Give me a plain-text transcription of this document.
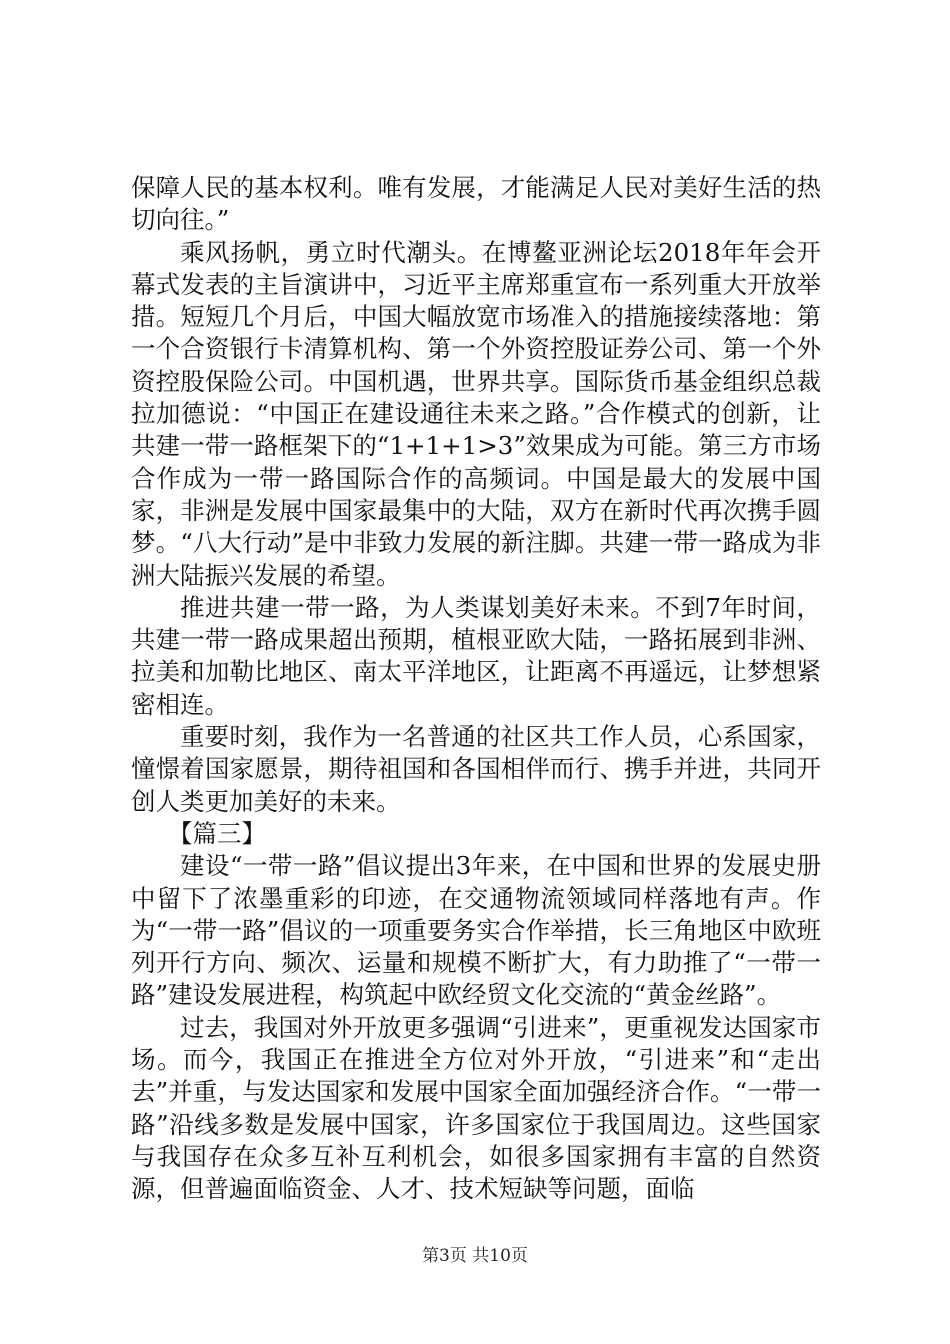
保障人民的基本权利。唯有发展，才能满足人民对美好生活的热切向往。”

乘风扬帆，勇立时代潮头。在博鳌亚洲论坛2018年年会开幕式发表的主旨演讲中，习近平主席郑重宣布一系列重大开放举措。短短几个月后，中国大幅放宽市场准入的措施接续落地：第一个合资银行卡清算机构、第一个外资控股证券公司、第一个外资控股保险公司。中国机遇，世界共享。国际货币基金组织总裁拉加德说：“中国正在建设通往未来之路。”合作模式的创新，让共建一带一路框架下的“1+1+1>3”效果成为可能。第三方市场合作成为一带一路国际合作的高频词。中国是最大的发展中国家，非洲是发展中国家最集中的大陆，双方在新时代再次携手圆梦。“八大行动”是中非致力发展的新注脚。共建一带一路成为非洲大陆振兴发展的希望。

推进共建一带一路，为人类谋划美好未来。不到7年时间，共建一带一路成果超出预期，植根亚欧大陆，一路拓展到非洲、拉美和加勒比地区、南太平洋地区，让距离不再遥远，让梦想紧密相连。

重要时刻，我作为一名普通的社区共工作人员，心系国家，憧憬着国家愿景，期待祖国和各国相伴而行、携手并进，共同开创人类更加美好的未来。

【篇三】

建设“一带一路”倡议提出3年来，在中国和世界的发展史册中留下了浓墨重彩的印迹，在交通物流领域同样落地有声。作为“一带一路”倡议的一项重要务实合作举措，长三角地区中欧班列开行方向、频次、运量和规模不断扩大，有力助推了“一带一路”建设发展进程，构筑起中欧经贸文化交流的“黄金丝路”。

过去，我国对外开放更多强调“引进来”，更重视发达国家市场。而今，我国正在推进全方位对外开放，“引进来”和“走出去”并重，与发达国家和发展中国家全面加强经济合作。“一带一路”沿线多数是发展中国家，许多国家位于我国周边。这些国家与我国存在众多互补互利机会，如很多国家拥有丰富的自然资源，但普遍面临资金、人才、技术短缺等问题，面临

第3页 共10页
